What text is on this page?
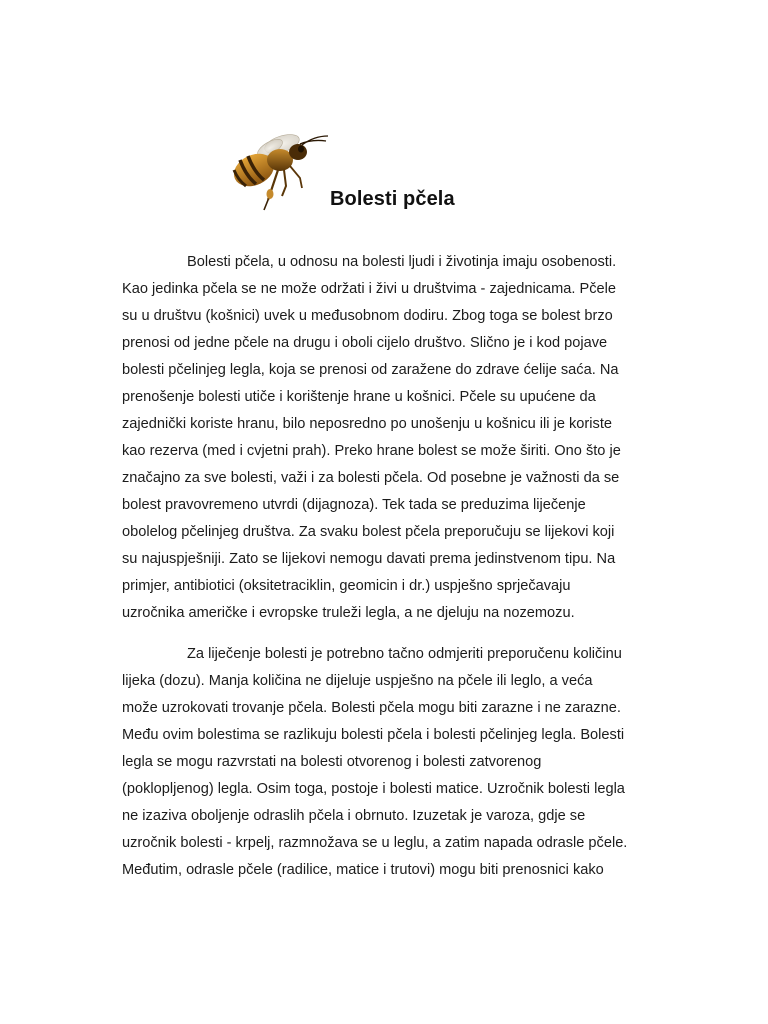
Bolesti pčela

Bolesti pčela, u odnosu na bolesti ljudi i životinja imaju osobenosti.
Kao jedinka pčela se ne može održati i živi u društvima - zajednicama. Pčele
su u društvu (košnici) uvek u međusobnom dodiru. Zbog toga se bolest brzo
prenosi od jedne pčele na drugu i oboli cijelo društvo. Slično je i kod pojave
bolesti pčelinjeg legla, koja se prenosi od zaražene do zdrave ćelije saća. Na
prenošenje bolesti utiče i korištenje hrane u košnici. Pčele su upućene da
zajednički koriste hranu, bilo neposredno po unošenju u košnicu ili je koriste
kao rezerva (med i cvjetni prah). Preko hrane bolest se može širiti. Ono što je
značajno za sve bolesti, važi i za bolesti pčela. Od posebne je važnosti da se
bolest pravovremeno utvrdi (dijagnoza). Tek tada se preduzima liječenje
obolelog pčelinjeg društva. Za svaku bolest pčela preporučuju se lijekovi koji
su najuspješniji. Zato se lijekovi nemogu davati prema jedinstvenom tipu. Na
primjer, antibiotici (oksitetraciklin, geomicin i dr.) uspješno sprječavaju
uzročnika američke i evropske truleži legla, a ne djeluju na nozemozu.

Za liječenje bolesti je potrebno tačno odmjeriti preporučenu količinu
lijeka (dozu). Manja količina ne dijeluje uspješno na pčele ili leglo, a veća
može uzrokovati trovanje pčela. Bolesti pčela mogu biti zarazne i ne zarazne.
Među ovim bolestima se razlikuju bolesti pčela i bolesti pčelinjeg legla. Bolesti
legla se mogu razvrstati na bolesti otvorenog i bolesti zatvorenog
(poklopljenog) legla. Osim toga, postoje i bolesti matice. Uzročnik bolesti legla
ne izaziva oboljenje odraslih pčela i obrnuto. Izuzetak je varoza, gdje se
uzročnik bolesti - krpelj, razmnožava se u leglu, a zatim napada odrasle pčele.
Međutim, odrasle pčele (radilice, matice i trutovi) mogu biti prenosnici kako
